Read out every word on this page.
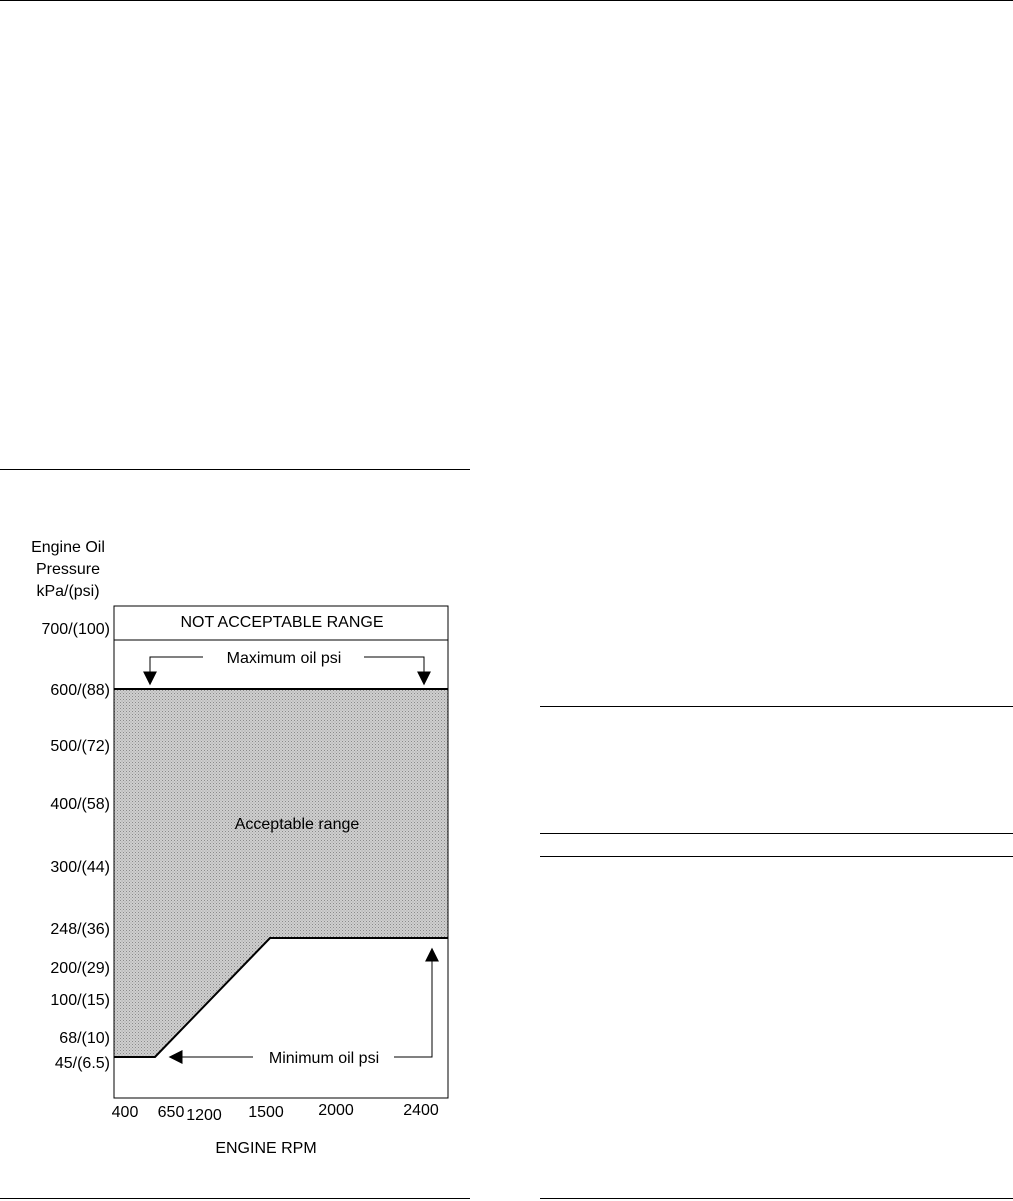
Engine Oil
Pressure
kPa/(psi)
NOT ACCEPTABLE RANGE
Acceptable range
Maximum oil psi
Minimum oil psi
700/(100)
600/(88)
500/(72)
400/(58)
300/(44)
248/(36)
200/(29)
100/(15)
68/(10)
45/(6.5)
400 650 1200 1500 2000	2400
ENGINE RPM
